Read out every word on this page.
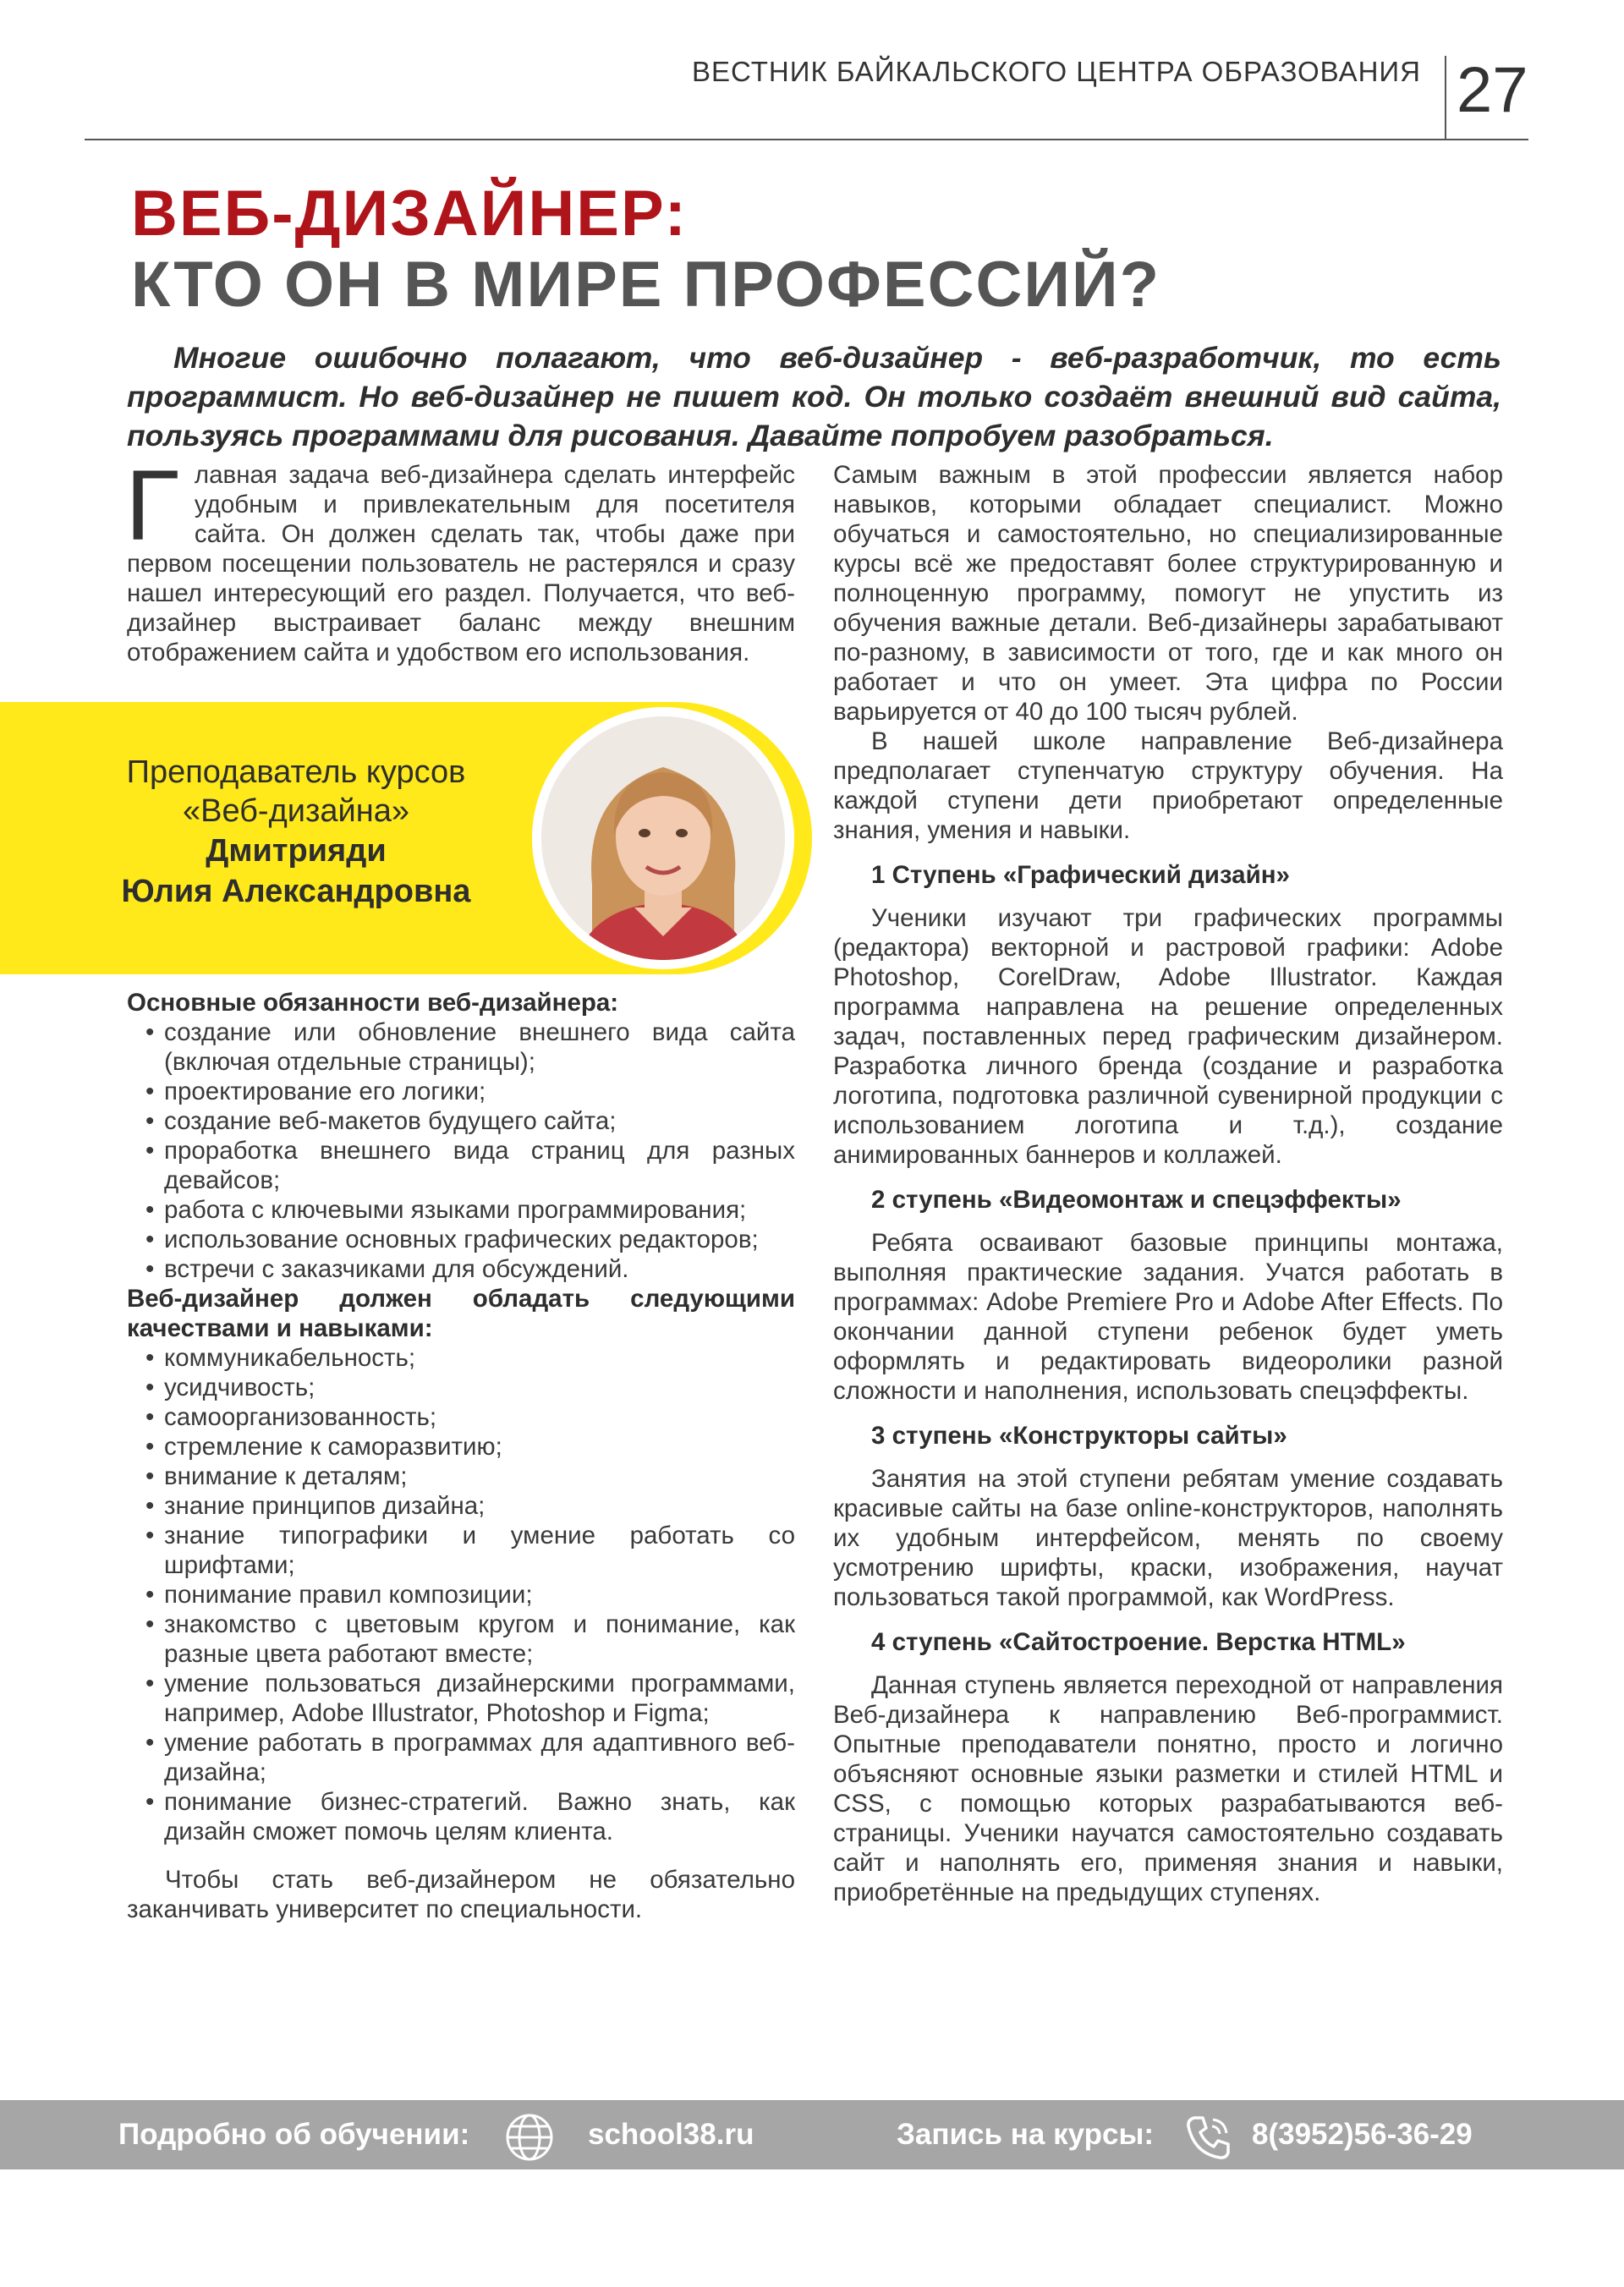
ВЕСТНИК БАЙКАЛЬСКОГО ЦЕНТРА ОБРАЗОВАНИЯ 27
ВЕБ-ДИЗАЙНЕР:
КТО ОН В МИРЕ ПРОФЕССИЙ?
Многие ошибочно полагают, что веб-дизайнер - веб-разработчик, то есть программист. Но веб-дизайнер не пишет код. Он только создаёт внешний вид сайта, пользуясь программами для рисования. Давайте попробуем разобраться.
Г лавная задача веб-дизайнера сделать интерфейс удобным и привлекательным для посетителя сайта. Он должен сделать так, чтобы даже при первом посещении пользователь не растерялся и сразу нашел интересующий его раздел. Получается, что веб-дизайнер выстраивает баланс между внешним отображением сайта и удобством его использования.

Преподаватель курсов
«Веб-дизайна»
Дмитрияди
Юлия Александровна

Основные обязанности веб-дизайнера:

• создание или обновление внешнего вида сайта (включая отдельные страницы);
• проектирование его логики;
• создание веб-макетов будущего сайта;
• проработка внешнего вида страниц для разных девайсов;
• работа с ключевыми языками программирования;
• использование основных графических редакторов;
• встречи с заказчиками для обсуждений.

Веб-дизайнер должен обладать следующими качествами и навыками:

• коммуникабельность;
• усидчивость;
• самоорганизованность;
• стремление к саморазвитию;
• внимание к деталям;
• знание принципов дизайна;
• знание типографики и умение работать со шрифтами;
• понимание правил композиции;
• знакомство с цветовым кругом и понимание, как разные цвета работают вместе;
• умение пользоваться дизайнерскими программами, например, Adobe Illustrator, Photoshop и Figma;
• умение работать в программах для адаптивного веб-дизайна;
• понимание бизнес-стратегий. Важно знать, как дизайн сможет помочь целям клиента.

Чтобы стать веб-дизайнером не обязательно заканчивать университет по специальности.

Самым важным в этой профессии является набор навыков, которыми обладает специалист. Можно обучаться и самостоятельно, но специализированные курсы всё же предоставят более структурированную и полноценную программу, помогут не упустить из обучения важные детали. Веб-дизайнеры зарабатывают по-разному, в зависимости от того, где и как много он работает и что он умеет. Эта цифра по России варьируется от 40 до 100 тысяч рублей.

В нашей школе направление Веб-дизайнера предполагает ступенчатую структуру обучения. На каждой ступени дети приобретают определенные знания, умения и навыки.

1 Ступень «Графический дизайн»

Ученики изучают три графических программы (редактора) векторной и растровой графики: Adobe Photoshop, CorelDraw, Adobe Illustrator. Каждая программа направлена на решение определенных задач, поставленных перед графическим дизайнером. Разработка личного бренда (создание и разработка логотипа, подготовка различной сувенирной продукции с использованием логотипа и т.д.), создание анимированных баннеров и коллажей.

2 ступень «Видеомонтаж и спецэффекты»

Ребята осваивают базовые принципы монтажа, выполняя практические задания. Учатся работать в программах: Adobe Premiere Pro и Adobe After Effects. По окончании данной ступени ребенок будет уметь оформлять и редактировать видеоролики разной сложности и наполнения, использовать спецэффекты.

3 ступень «Конструкторы сайты»

Занятия на этой ступени ребятам умение создавать красивые сайты на базе online-конструкторов, наполнять их удобным интерфейсом, менять по своему усмотрению шрифты, краски, изображения, научат пользоваться такой программой, как WordPress.

4 ступень «Сайтостроение. Верстка HTML»

Данная ступень является переходной от направления Веб-дизайнера к направлению Веб-программист. Опытные преподаватели понятно, просто и логично объясняют основные языки разметки и стилей HTML и CSS, с помощью которых разрабатываются веб-страницы. Ученики научатся самостоятельно создавать сайт и наполнять его, применяя знания и навыки, приобретённые на предыдущих ступенях.

Подробно об обучении:	school38.ru	Запись на курсы:	8(3952)56-36-29
